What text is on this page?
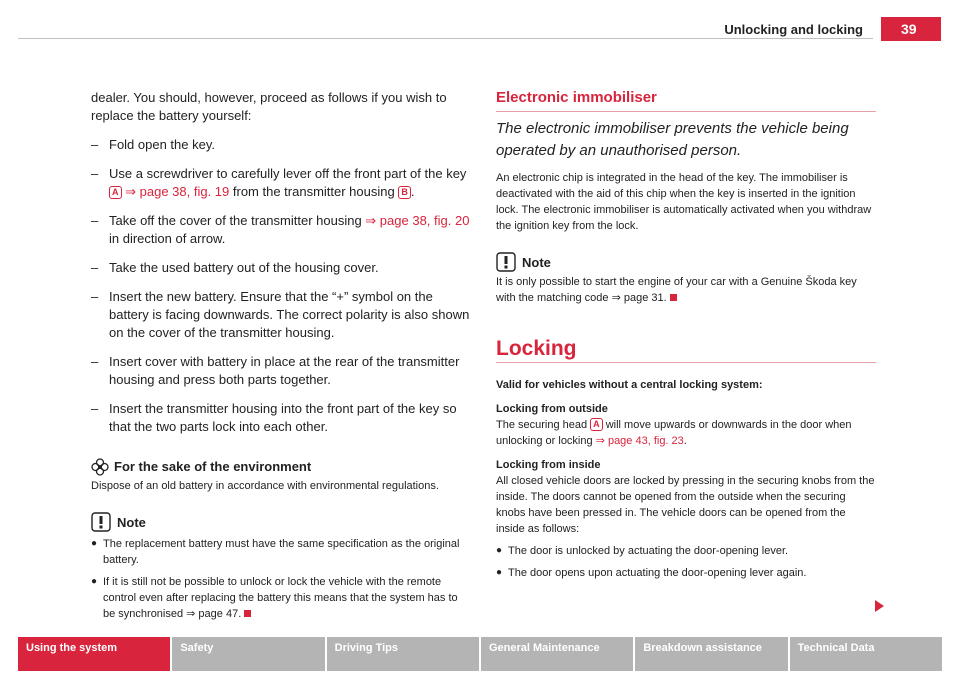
Unlocking and locking	39

dealer. You should, however, proceed as follows if you wish to replace the battery yourself:

– Fold open the key.
– Use a screwdriver to carefully lever off the front part of the key A ⇒ page 38, fig. 19 from the transmitter housing B .
– Take off the cover of the transmitter housing ⇒ page 38, fig. 20 in direction of arrow.
– Take the used battery out of the housing cover.
– Insert the new battery. Ensure that the “+” symbol on the battery is facing downwards. The correct polarity is also shown on the cover of the transmitter housing.
– Insert cover with battery in place at the rear of the transmitter housing and press both parts together.
– Insert the transmitter housing into the front part of the key so that the two parts lock into each other.
For the sake of the environment

Dispose of an old battery in accordance with environmental regulations.

Note
● The replacement battery must have the same specification as the original battery.
● If it is still not be possible to unlock or lock the vehicle with the remote control even after replacing the battery this means that the system has to be synchronised ⇒ page 47.
Electronic immobiliser

The electronic immobiliser prevents the vehicle being operated by an unauthorised person.

An electronic chip is integrated in the head of the key. The immobiliser is deactivated with the aid of this chip when the key is inserted in the ignition lock. The electronic immobiliser is automatically activated when you withdraw the ignition key from the lock.

Note

It is only possible to start the engine of your car with a Genuine Škoda key with the matching code ⇒ page 31.

Locking

Valid for vehicles without a central locking system:

Locking from outside

The securing head A will move upwards or downwards in the door when unlocking or locking ⇒ page 43, fig. 23.

Locking from inside

All closed vehicle doors are locked by pressing in the securing knobs from the inside. The doors cannot be opened from the outside when the securing knobs have been pressed in. The vehicle doors can be opened from the inside as follows:

● The door is unlocked by actuating the door-opening lever.
● The door opens upon actuating the door-opening lever again.
Using the system	Safety	Driving Tips	General Maintenance	Breakdown assistance	Technical Data
